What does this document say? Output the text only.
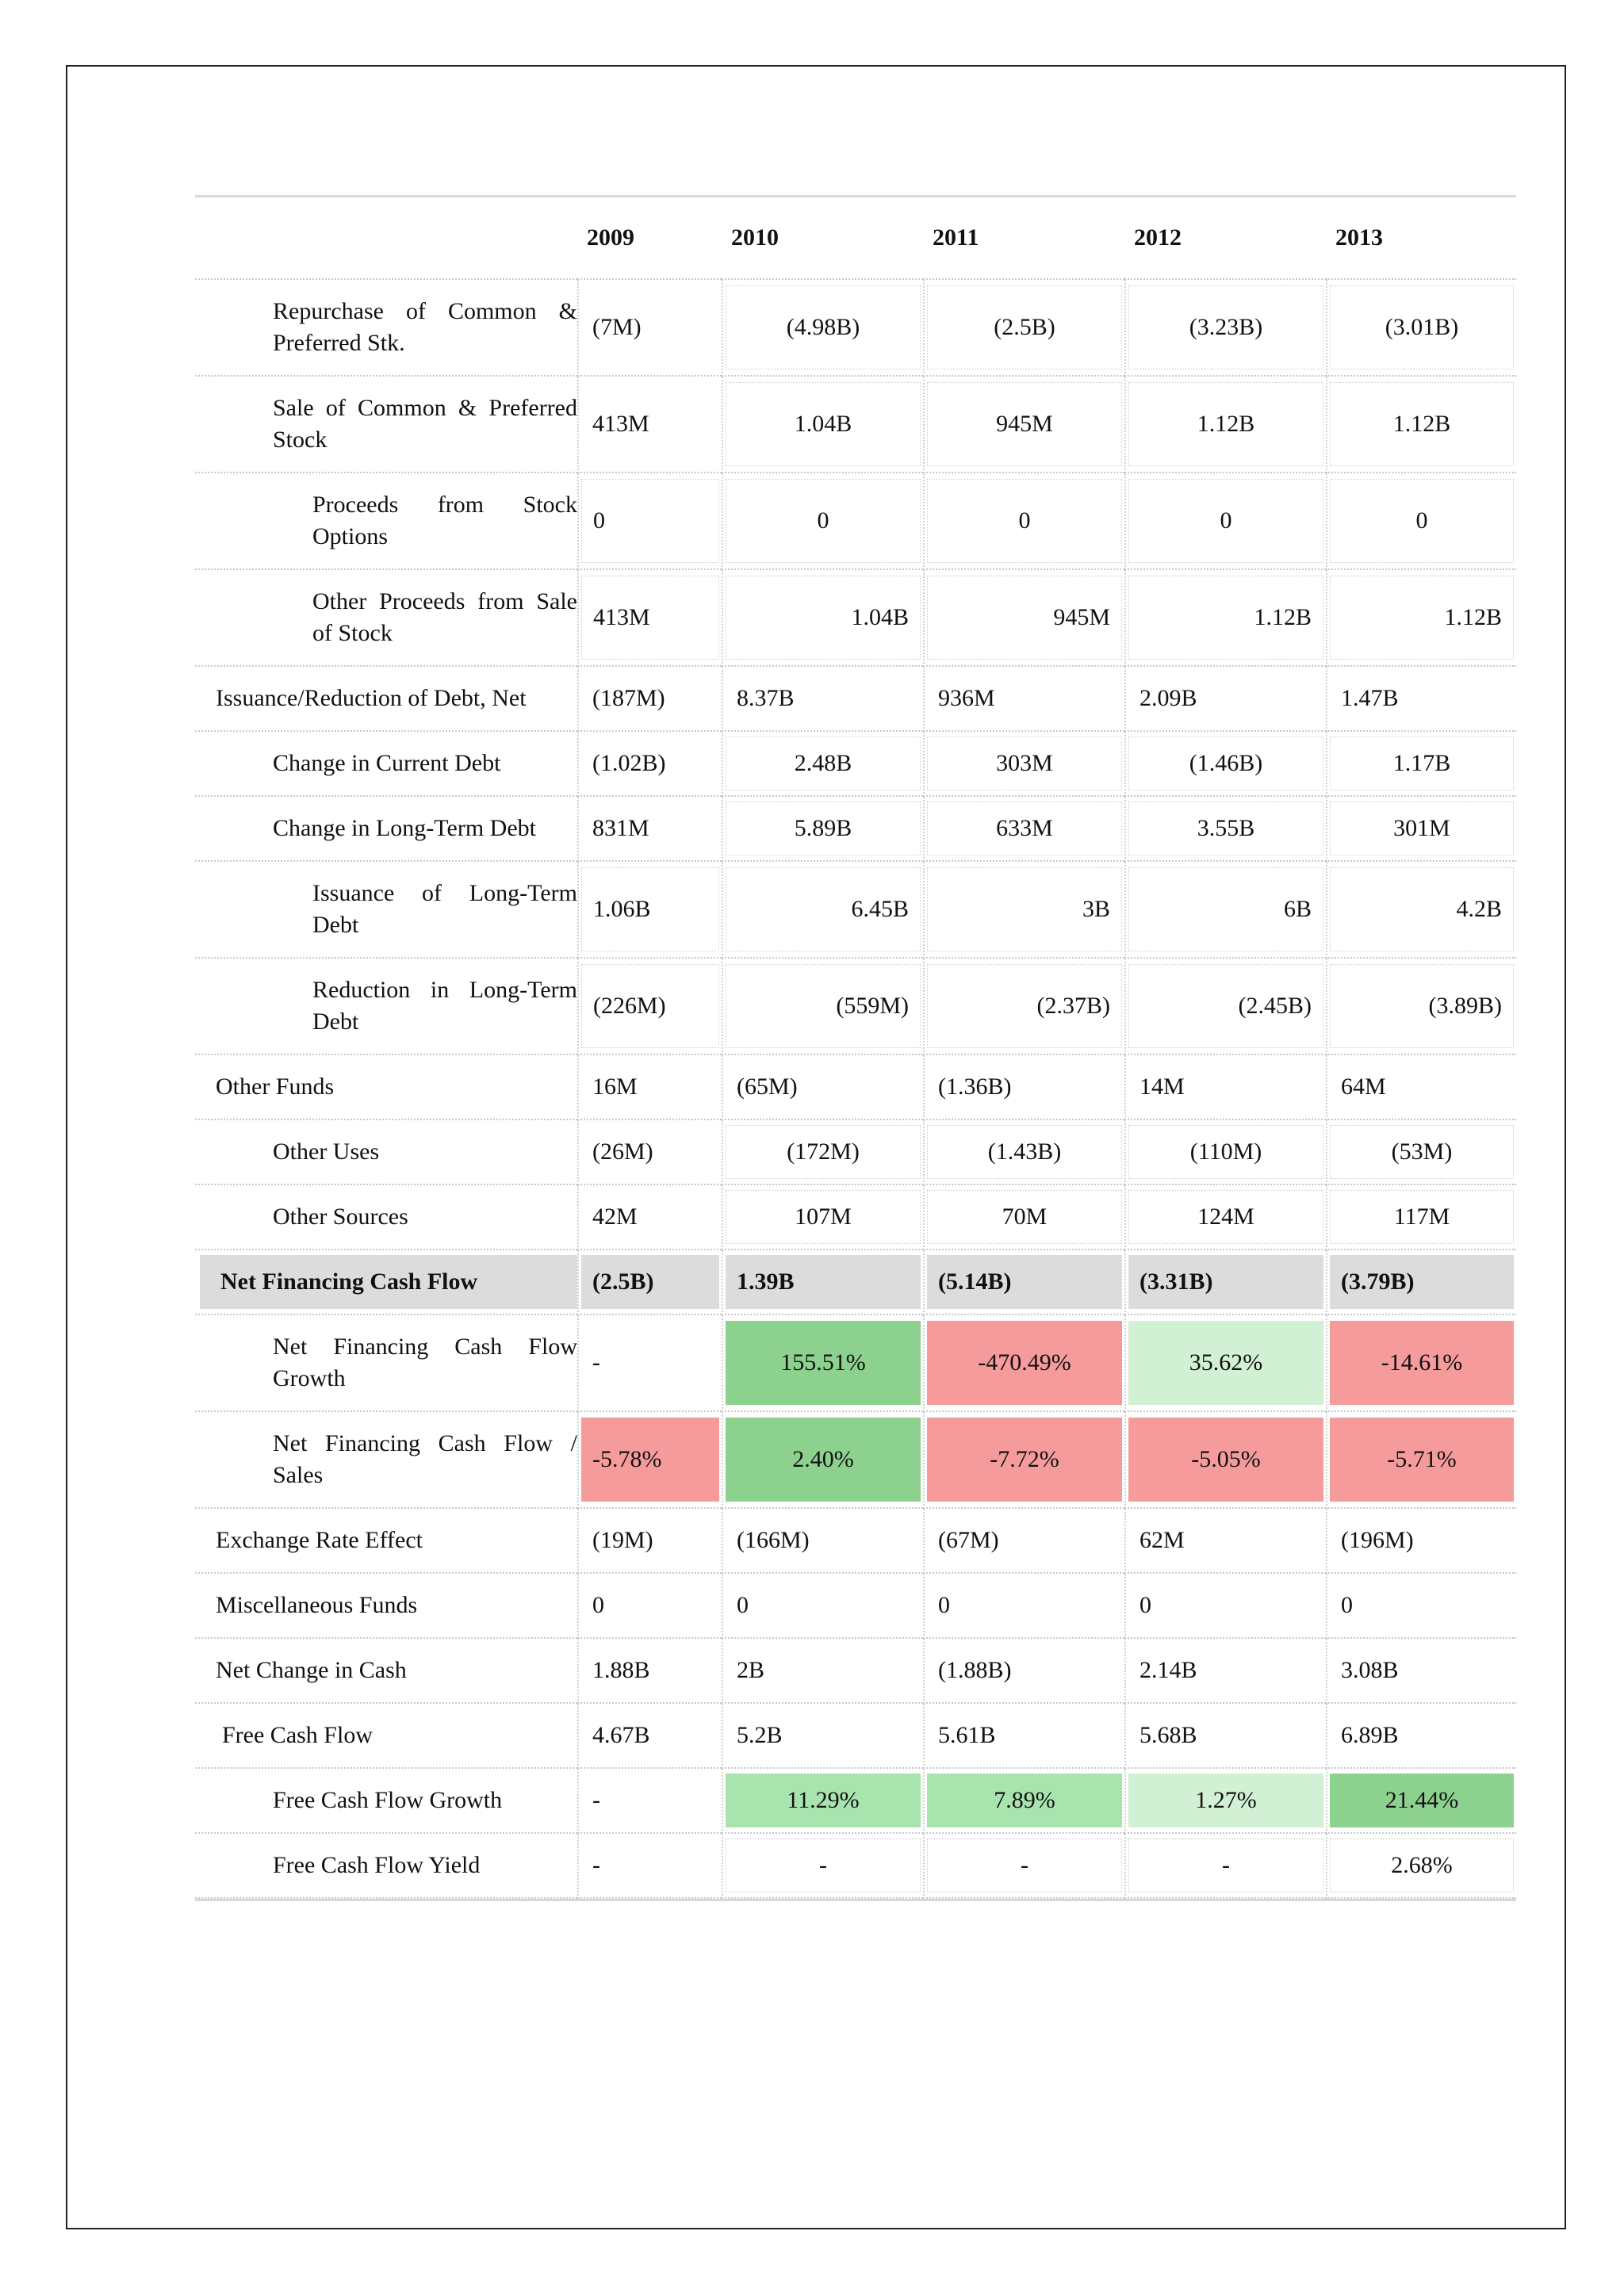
	2009	2010	2011	2012	2013

Repurchase of Common & Preferred Stk.	(7M)	(4.98B)	(2.5B)	(3.23B)	(3.01B)

Sale of Common & Preferred Stock	413M	1.04B	945M	1.12B	1.12B

Proceeds from Stock Options	0	0	0	0	0

Other Proceeds from Sale of Stock	413M	1.04B	945M	1.12B	1.12B

Issuance/Reduction of Debt, Net	(187M)	8.37B	936M	2.09B	1.47B

Change in Current Debt	(1.02B)	2.48B	303M	(1.46B)	1.17B

Change in Long-Term Debt	831M	5.89B	633M	3.55B	301M

Issuance of Long-Term Debt	1.06B	6.45B	3B	6B	4.2B

Reduction in Long-Term Debt	(226M)	(559M)	(2.37B)	(2.45B)	(3.89B)

Other Funds	16M	(65M)	(1.36B)	14M	64M

Other Uses	(26M)	(172M)	(1.43B)	(110M)	(53M)

Other Sources	42M	107M	70M	124M	117M

Net Financing Cash Flow	(2.5B)	1.39B	(5.14B)	(3.31B)	(3.79B)

Net Financing Cash Flow Growth	-	155.51%	-470.49%	35.62%	-14.61%

Net Financing Cash Flow / Sales	-5.78%	2.40%	-7.72%	-5.05%	-5.71%

Exchange Rate Effect	(19M)	(166M)	(67M)	62M	(196M)

Miscellaneous Funds	0	0	0	0	0

Net Change in Cash	1.88B	2B	(1.88B)	2.14B	3.08B

Free Cash Flow	4.67B	5.2B	5.61B	5.68B	6.89B

Free Cash Flow Growth	-	11.29%	7.89%	1.27%	21.44%

Free Cash Flow Yield	-	-	-	-	2.68%
